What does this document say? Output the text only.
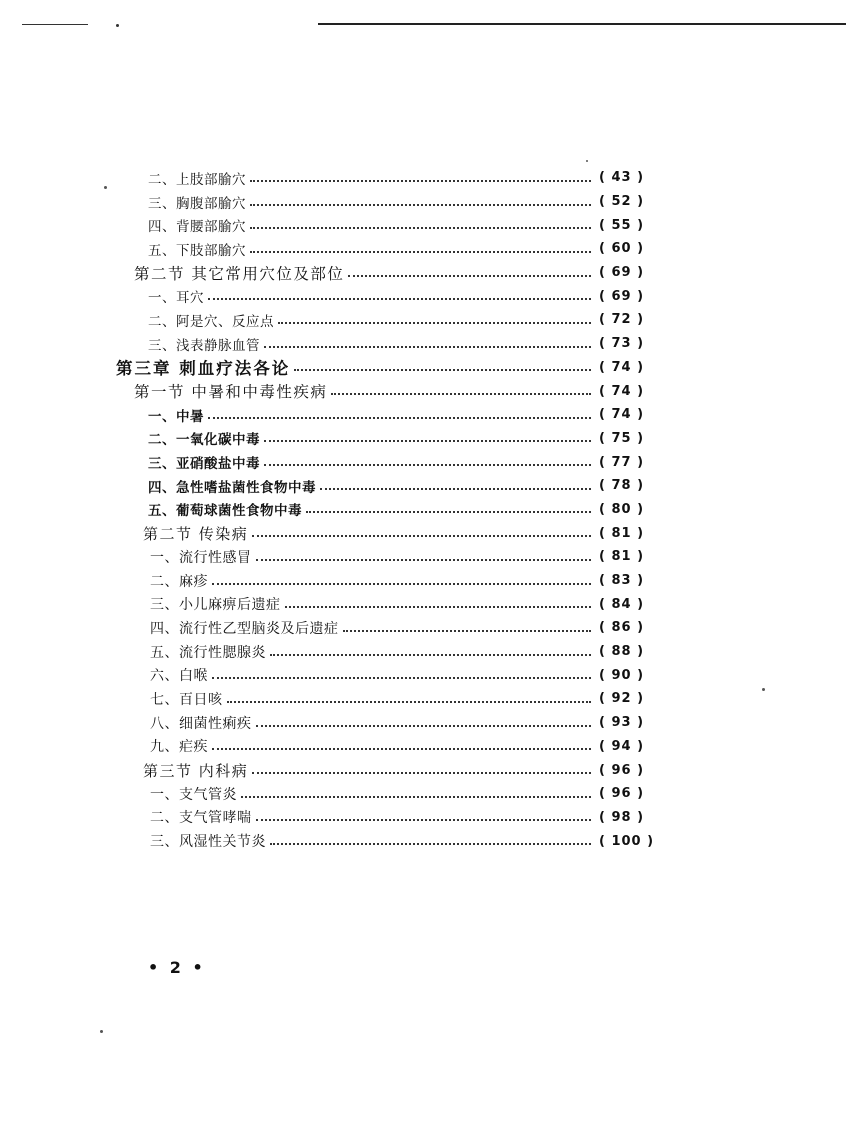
二、上肢部腧穴	( 43 )
三、胸腹部腧穴	( 52 )
四、背腰部腧穴	( 55 )
五、下肢部腧穴	( 60 )
第二节 其它常用穴位及部位	( 69 )
一、耳穴	( 69 )
二、阿是穴、反应点	( 72 )
三、浅表静脉血管	( 73 )
第三章 刺血疗法各论	( 74 )
第一节 中暑和中毒性疾病	( 74 )
一、中暑	( 74 )
二、一氧化碳中毒	( 75 )
三、亚硝酸盐中毒	( 77 )
四、急性嗜盐菌性食物中毒	( 78 )
五、葡萄球菌性食物中毒	( 80 )
第二节 传染病	( 81 )
一、流行性感冒	( 81 )
二、麻疹	( 83 )
三、小儿麻痹后遗症	( 84 )
四、流行性乙型脑炎及后遗症	( 86 )
五、流行性腮腺炎	( 88 )
六、白喉	( 90 )
七、百日咳	( 92 )
八、细菌性痢疾	( 93 )
九、疟疾	( 94 )
第三节 内科病	( 96 )
一、支气管炎	( 96 )
二、支气管哮喘	( 98 )
三、风湿性关节炎	( 100 )
• 2 •
